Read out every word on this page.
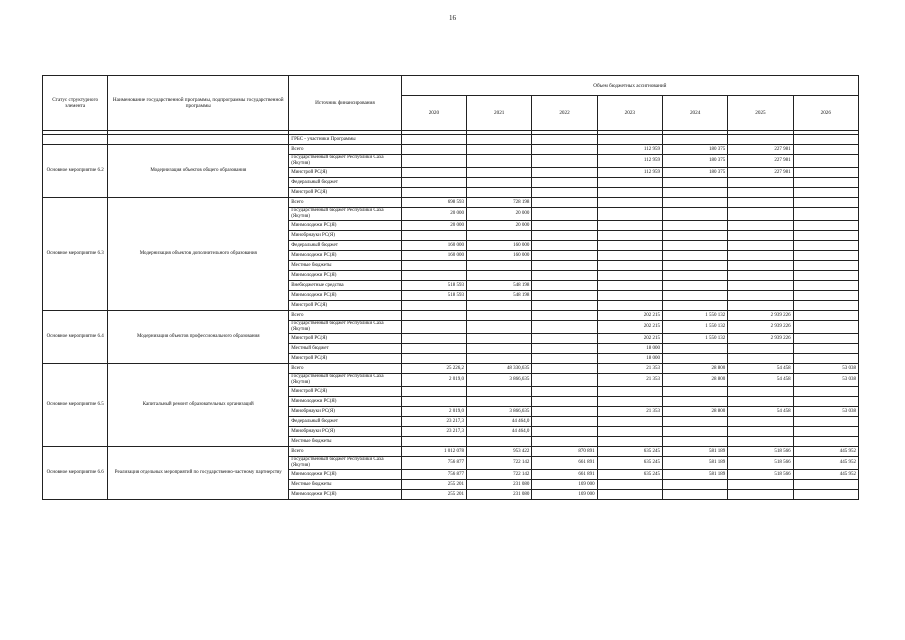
16
Статус структурного элемента	Наименование государственной программы, подпрограммы государственной программы	Источник финансирования	Объем бюджетных ассигнований						
			2020	2021	2022	2023	2024	2025	2026

		ГРБС - участники Программы							
Основное мероприятие 6.2	Модернизация объектов общего образования	Всего				112 959	180 375	227 981	
		Государственный бюджет Республики Саха (Якутия)				112 959	180 375	227 981	
		Минстрой РС(Я)				112 959	180 375	227 981	
		Федеральный бюджет							
		Минстрой РС(Я)							
Основное мероприятие 6.3	Модернизация объектов дополнительного образования	Всего	698 593	728 198					
		Государственный бюджет Республики Саха (Якутия)	20 000	20 000					
		Минмолодежи РС(Я)	20 000	20 000					
		Минобрнауки РС(Я)							
		Федеральный бюджет	160 000	160 000					
		Минмолодежи РС(Я)	160 000	160 000					
		Местные бюджеты							
		Минмолодежи РС(Я)							
		Внебюджетные средства	518 593	548 198					
		Минмолодежи РС(Я)	518 593	548 198					
		Минстрой РС(Я)							
Основное мероприятие 6.4	Модернизация объектов профессионального образования	Всего				202 215	1 550 132	2 939 226	
		Государственный бюджет Республики Саха (Якутия)				202 215	1 550 132	2 939 226	
		Минстрой РС(Я)				202 215	1 550 132	2 939 226	
		Местный бюджет				18 000			
		Минстрой РС(Я)				18 000			
Основное мероприятие 6.5	Капитальный ремонт образовательных организаций	Всего	25 226,2	48 330,635		21 353	28 800	54 458	53 038
		Государственный бюджет Республики Саха (Якутия)	2 019,0	3 866,635		21 353	28 800	54 458	53 038
		Минстрой РС(Я)							
		Минмолодежи РС(Я)							
		Минобрнауки РС(Я)	2 019,0	3 866,635		21 353	28 800	54 458	53 038
		Федеральный бюджет	23 217,3	44 464,0					
		Минобрнауки РС(Я)	23 217,3	44 464,0					
		Местные бюджеты							
Основное мероприятие 6.6	Реализация отдельных мероприятий по государственно-частному партнерству	Всего	1 012 078	953 422	870 891	635 245	581 189	518 566	445 952
		Государственный бюджет Республики Саха (Якутия)	756 877	722 142	661 891	635 245	581 189	518 566	445 952
		Минмолодежи РС(Я)	756 877	722 142	661 891	635 245	581 189	518 566	445 952
		Местные бюджеты	255 201	231 080	169 000				
		Минмолодежи РС(Я)	255 201	231 080	169 000				
